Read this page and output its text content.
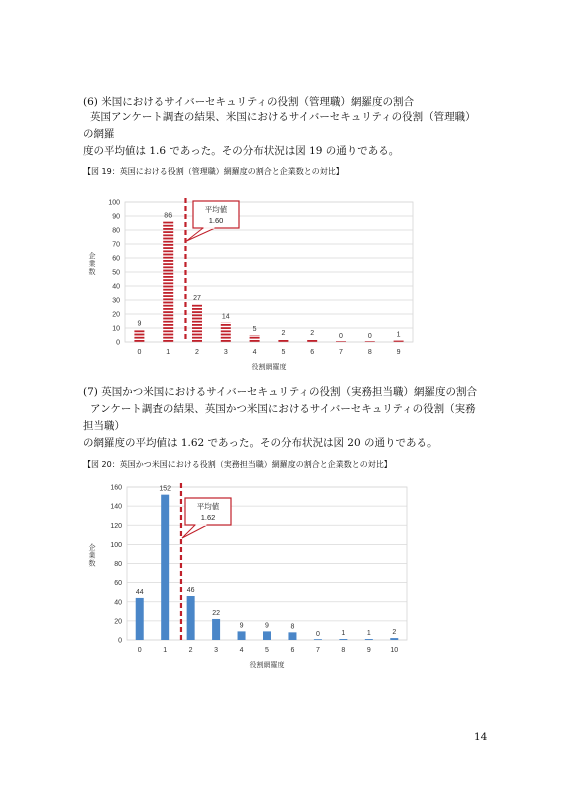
(6) 米国におけるサイバーセキュリティの役割（管理職）網羅度の割合
英国アンケート調査の結果、米国におけるサイバーセキュリティの役割（管理職）の網羅
度の平均値は 1.6 であった。その分布状況は図 19 の通りである。
【図 19：英国における役割（管理職）網羅度の割合と企業数との対比】
0
10
20
30
40
50
60
70
80
90
100
9
0
86
1
27
2
14
3
5
4
2
5
2
6
0
7
0
8
1
9
平均値
1.60
役割網羅度
企業数
(7) 英国かつ米国におけるサイバーセキュリティの役割（実務担当職）網羅度の割合
アンケート調査の結果、英国かつ米国におけるサイバーセキュリティの役割（実務担当職）
の網羅度の平均値は 1.62 であった。その分布状況は図 20 の通りである。
【図 20：英国かつ米国における役割（実務担当職）網羅度の割合と企業数との対比】
0
20
40
60
80
100
120
140
160
44
0
152
1
46
2
22
3
9
4
9
5
8
6
0
7
1
8
1
9
2
10
平均値
1.62
役割網羅度
企業数
14
